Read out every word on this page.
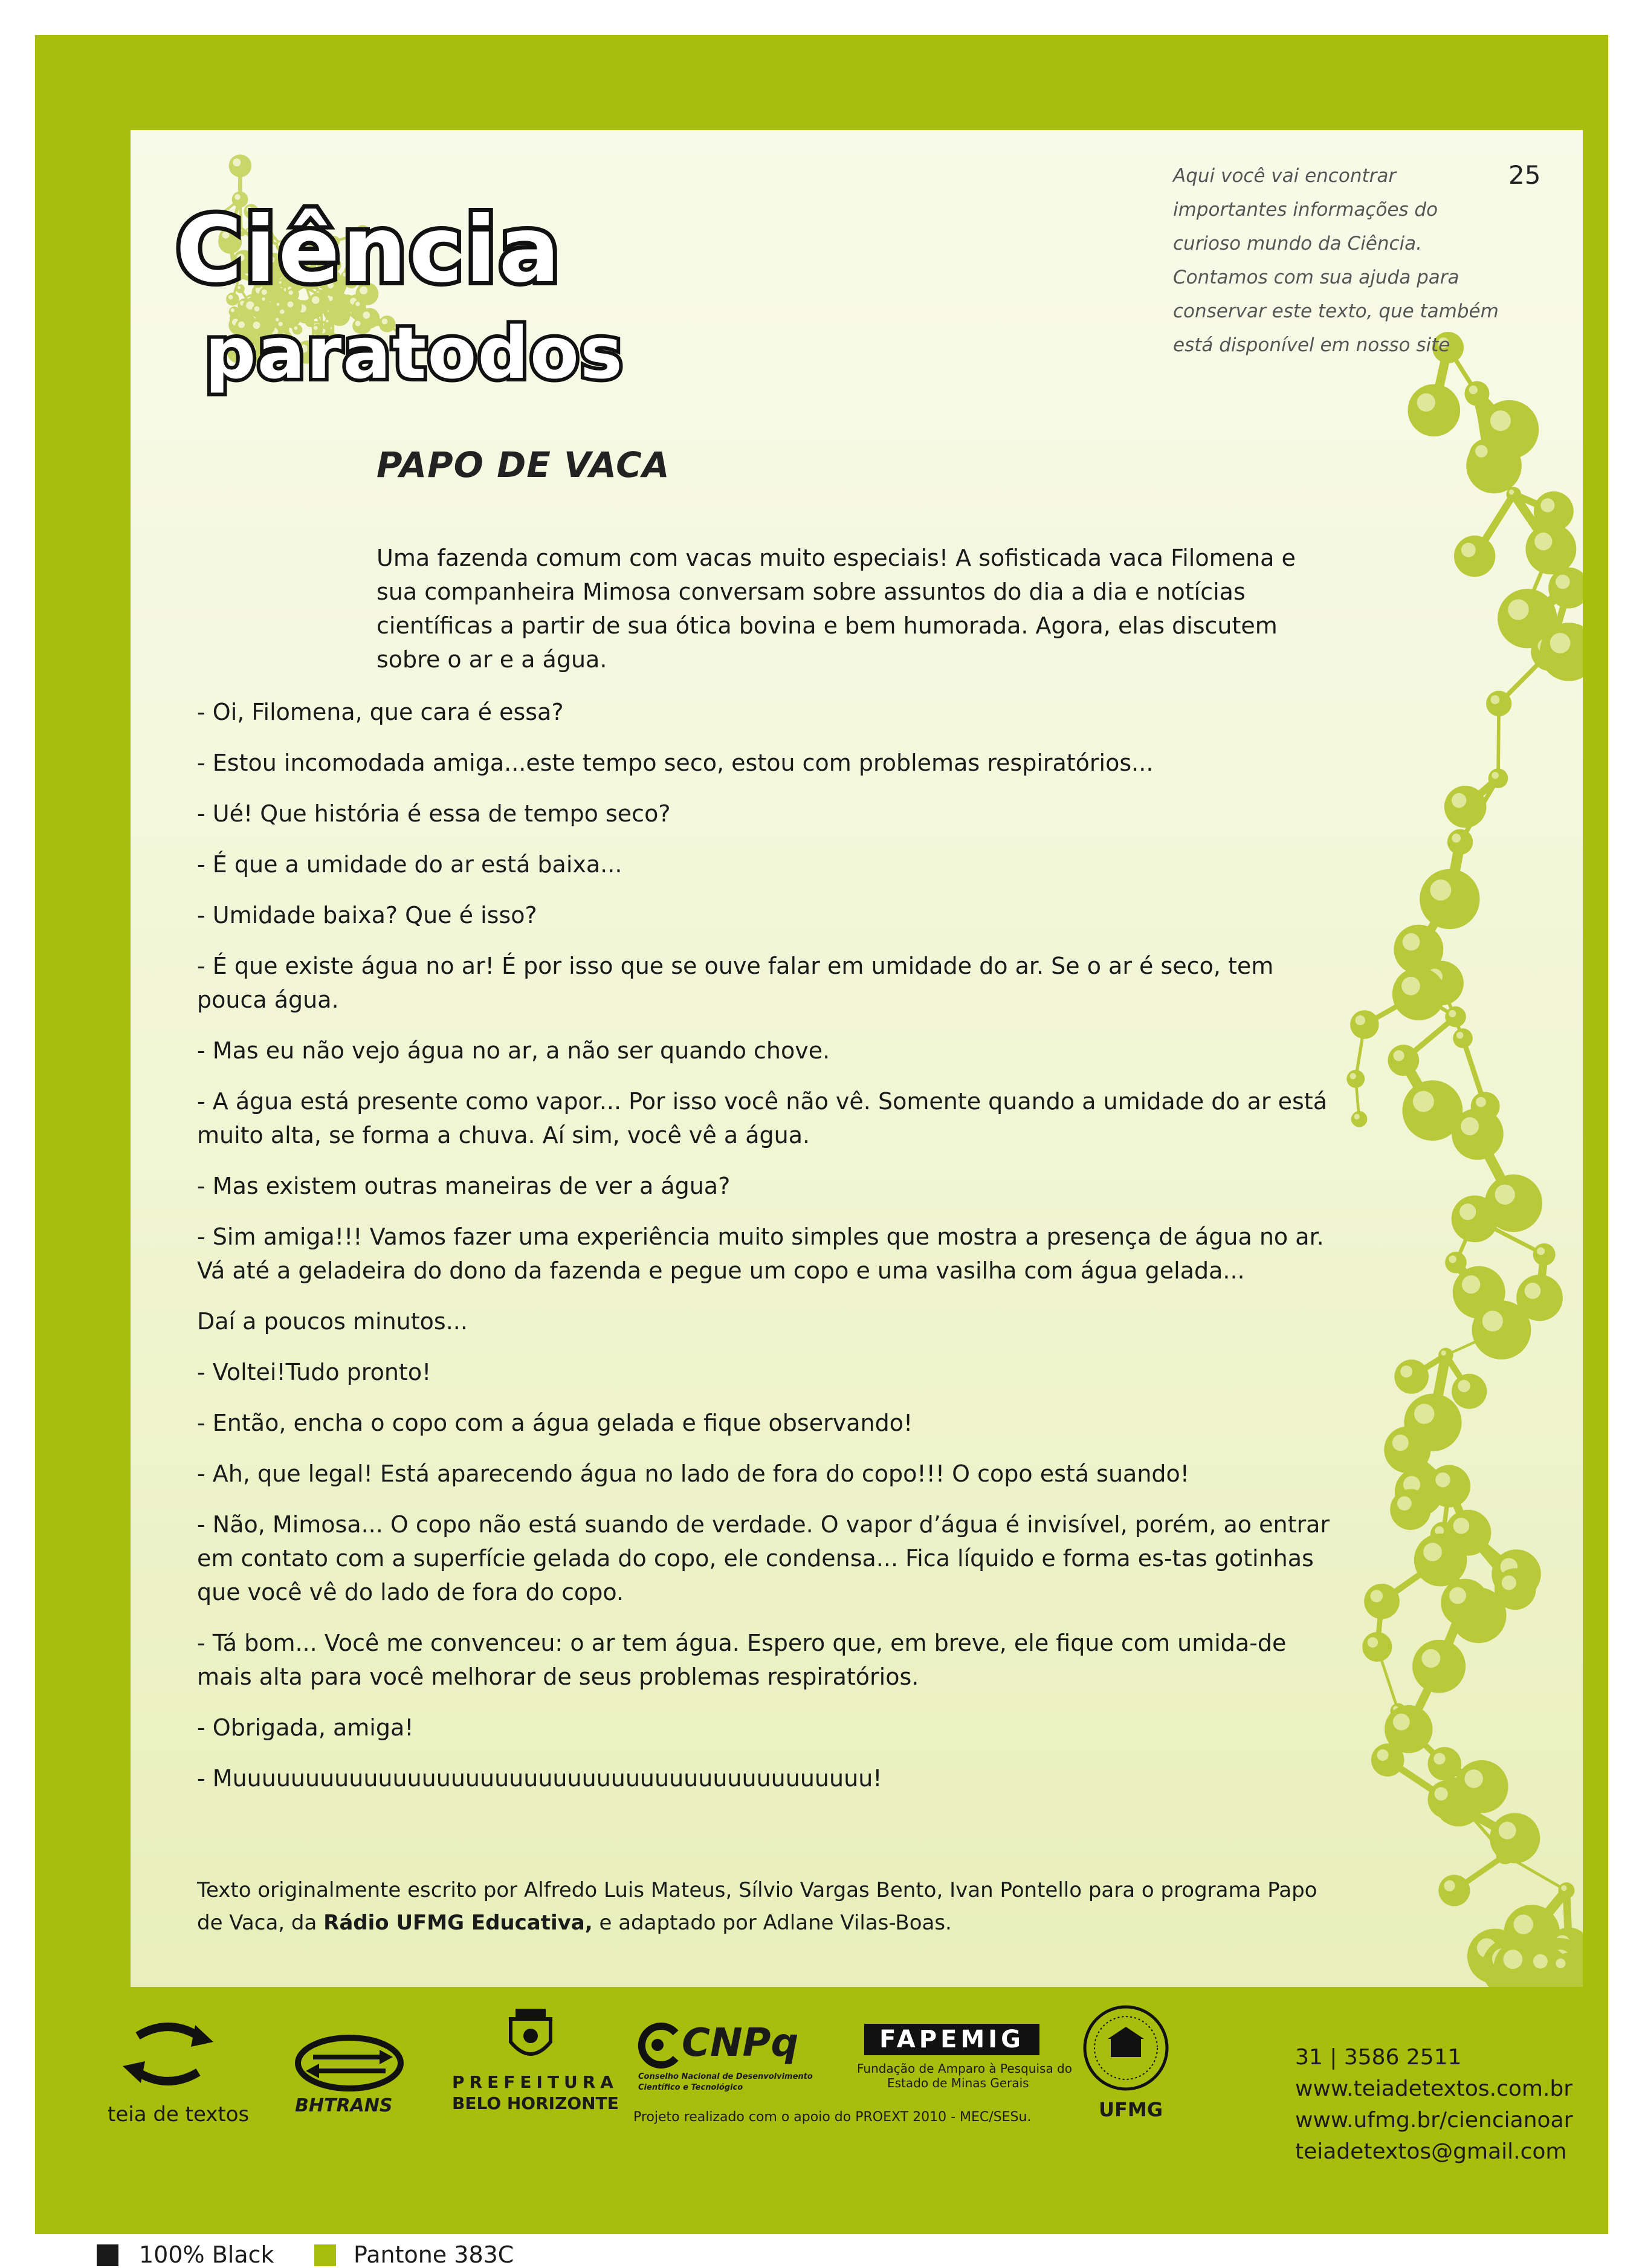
Ciência
paratodos
25

Aqui você vai encontrar importantes informações do curioso mundo da Ciência. Contamos com sua ajuda para conservar este texto, que também está disponível em nosso site

PAPO DE VACA

Uma fazenda comum com vacas muito especiais! A sofisticada vaca Filomena e sua companheira Mimosa conversam sobre assuntos do dia a dia e notícias científicas a partir de sua ótica bovina e bem humorada. Agora, elas discutem sobre o ar e a água.

- Oi, Filomena, que cara é essa?

- Estou incomodada amiga...este tempo seco, estou com problemas respiratórios...

- Ué! Que história é essa de tempo seco?

- É que a umidade do ar está baixa...

- Umidade baixa? Que é isso?

- É que existe água no ar! É por isso que se ouve falar em umidade do ar. Se o ar é seco, tem pouca água.

- Mas eu não vejo água no ar, a não ser quando chove.

- A água está presente como vapor... Por isso você não vê. Somente quando a umidade do ar está muito alta, se forma a chuva. Aí sim, você vê a água.

- Mas existem outras maneiras de ver a água?

- Sim amiga!!! Vamos fazer uma experiência muito simples que mostra a presença de água no ar. Vá até a geladeira do dono da fazenda e pegue um copo e uma vasilha com água gelada...

Daí a poucos minutos...

- Voltei!Tudo pronto!

- Então, encha o copo com a água gelada e fique observando!

- Ah, que legal! Está aparecendo água no lado de fora do copo!!! O copo está suando!

- Não, Mimosa... O copo não está suando de verdade. O vapor d’água é invisível, porém, ao entrar em contato com a superfície gelada do copo, ele condensa... Fica líquido e forma es-tas gotinhas que você vê do lado de fora do copo.

- Tá bom... Você me convenceu: o ar tem água. Espero que, em breve, ele fique com umida-de mais alta para você melhorar de seus problemas respiratórios.

- Obrigada, amiga!

- Muuuuuuuuuuuuuuuuuuuuuuuuuuuuuuuuuuuuuuuuuuuu!

Texto originalmente escrito por Alfredo Luis Mateus, Sílvio Vargas Bento, Ivan Pontello para o programa Papo de Vaca, da Rádio UFMG Educativa, e adaptado por Adlane Vilas-Boas.

teia de textos	BHTRANS
PREFEITURA
BELO HORIZONTE
CNPq
Conselho Nacional de Desenvolvimento
Científico e Tecnológico
FAPEMIG
Fundação de Amparo à Pesquisa do
Estado de Minas Gerais
UFMG
Projeto realizado com o apoio do PROEXT 2010 - MEC/SESu.
31 | 3586 2511
www.teiadetextos.com.br
www.ufmg.br/ciencianoar
teiadetextos@gmail.com
100% Black	Pantone 383C
